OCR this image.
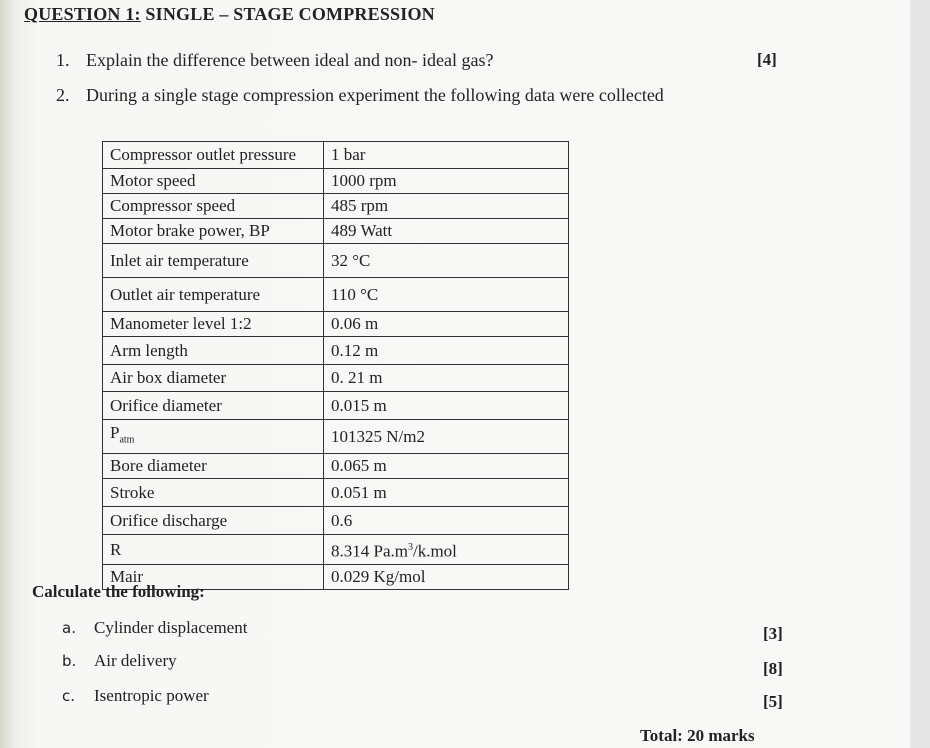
QUESTION 1: SINGLE – STAGE COMPRESSION
1. Explain the difference between ideal and non- ideal gas?	[4]
2. During a single stage compression experiment the following data were collected
Compressor outlet pressure	1 bar
Motor speed	1000 rpm
Compressor speed	485 rpm
Motor brake power, BP	489 Watt
Inlet air temperature	32 °C
Outlet air temperature	110 °C
Manometer level 1:2	0.06 m
Arm length	0.12 m
Air box diameter	0. 21 m
Orifice diameter	0.015 m
$P_{atm}$	101325 N/m2
Bore diameter	0.065 m
Stroke	0.051 m
Orifice discharge	0.6
R	8.314 $Pa.m^3/k.mol$
Mair	0.029 Kg/mol
Calculate the following:
a. Cylinder displacement	[3]
b. Air delivery	[8]
c. Isentropic power	[5]
Total: 20 marks
